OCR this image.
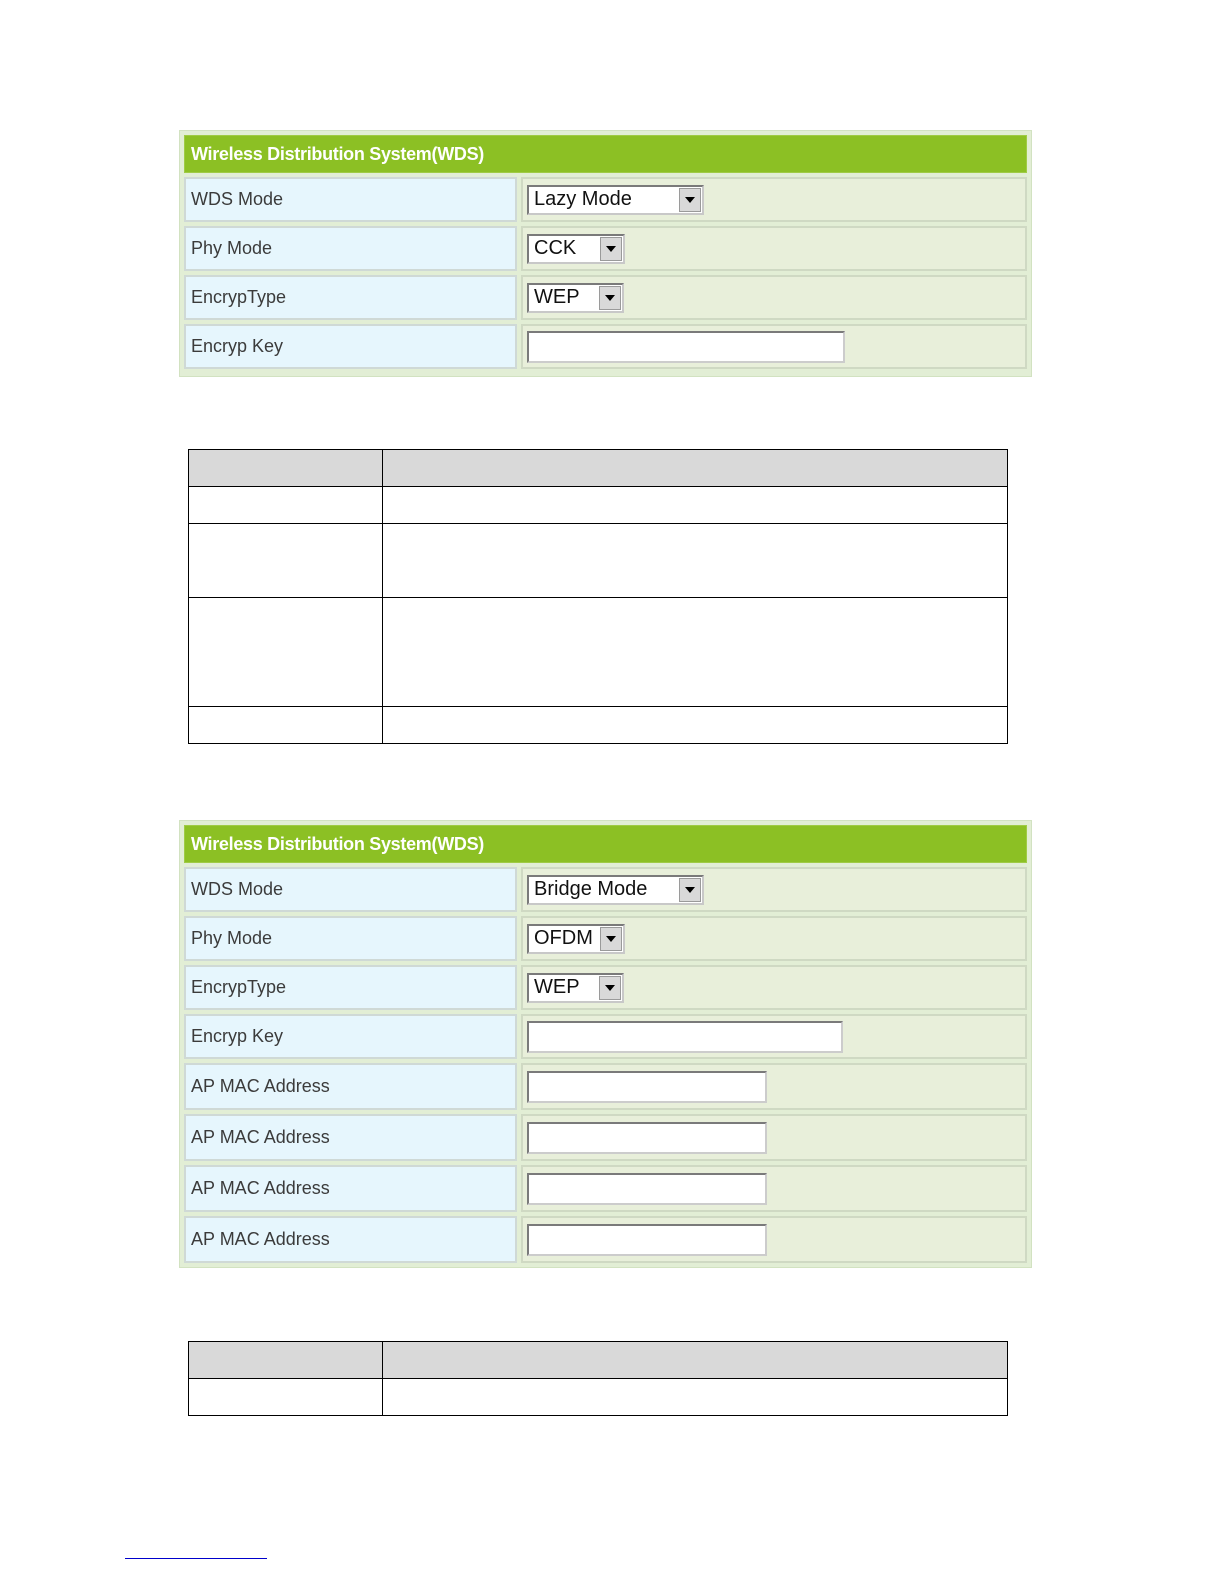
Wireless Distribution System(WDS)
WDS Mode	Lazy Mode
Phy Mode	CCK
EncrypType	WEP
Encryp Key

Wireless Distribution System(WDS)
WDS Mode	Bridge Mode
Phy Mode	OFDM
EncrypType	WEP
Encryp Key
AP MAC Address
AP MAC Address
AP MAC Address
AP MAC Address
